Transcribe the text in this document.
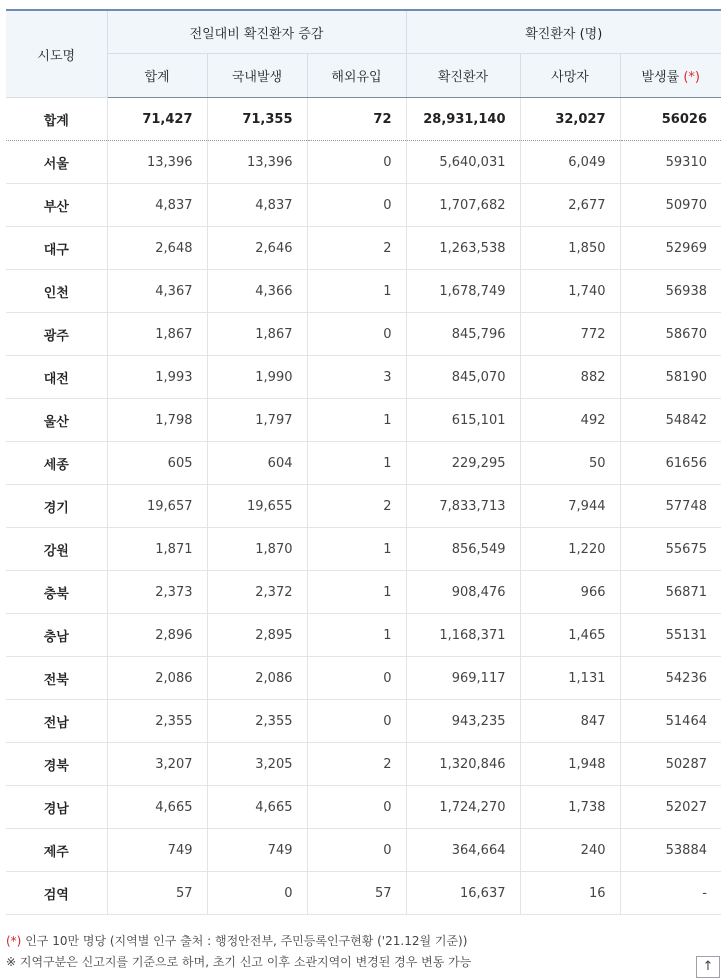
시도명	전일대비 확진환자 증감			확진환자 (명)		
	합계	국내발생	해외유입	확진환자	사망자	발생률 (*)
합계	71,427	71,355	72	28,931,140	32,027	56026
서울	13,396	13,396	0	5,640,031	6,049	59310
부산	4,837	4,837	0	1,707,682	2,677	50970
대구	2,648	2,646	2	1,263,538	1,850	52969
인천	4,367	4,366	1	1,678,749	1,740	56938
광주	1,867	1,867	0	845,796	772	58670
대전	1,993	1,990	3	845,070	882	58190
울산	1,798	1,797	1	615,101	492	54842
세종	605	604	1	229,295	50	61656
경기	19,657	19,655	2	7,833,713	7,944	57748
강원	1,871	1,870	1	856,549	1,220	55675
충북	2,373	2,372	1	908,476	966	56871
충남	2,896	2,895	1	1,168,371	1,465	55131
전북	2,086	2,086	0	969,117	1,131	54236
전남	2,355	2,355	0	943,235	847	51464
경북	3,207	3,205	2	1,320,846	1,948	50287
경남	4,665	4,665	0	1,724,270	1,738	52027
제주	749	749	0	364,664	240	53884
검역	57	0	57	16,637	16	-
(*) 인구 10만 명당 (지역별 인구 출처 : 행정안전부, 주민등록인구현황 ('21.12월 기준))
※ 지역구분은 신고지를 기준으로 하며, 초기 신고 이후 소관지역이 변경된 경우 변동 가능	↑
